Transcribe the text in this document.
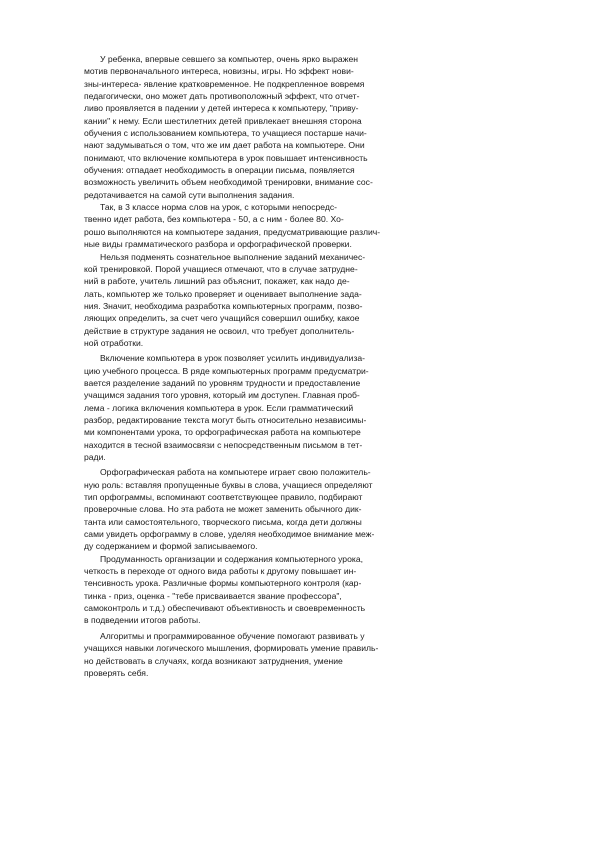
У ребенка, впервые севшего за компьютер, очень ярко выражен
мотив первоначального интереса, новизны, игры. Но эффект нови-
зны-интереса- явление кратковременное. Не подкрепленное вовремя
педагогически, оно может дать противоположный эффект, что отчет-
ливо проявляется в падении у детей интереса к компьютеру, "приву-
кании" к нему. Если шестилетних детей привлекает внешняя сторона
обучения с использованием компьютера, то учащиеся постарше начи-
нают задумываться о том, что же им дает работа на компьютере. Они
понимают, что включение компьютера в урок повышает интенсивность
обучения: отпадает необходимость в операции письма, появляется
возможность увеличить объем необходимой тренировки, внимание сос-
редотачивается на самой сути выполнения задания.
Так, в 3 классе норма слов на урок, с которыми непосредс-
твенно идет работа, без компьютера - 50, а с ним - более 80. Хо-
рошо выполняются на компьютере задания, предусматривающие различ-
ные виды грамматического разбора и орфографической проверки.
Нельзя подменять сознательное выполнение заданий механичес-
кой тренировкой. Порой учащиеся отмечают, что в случае затрудне-
ний в работе, учитель лишний раз объяснит, покажет, как надо де-
лать, компьютер же только проверяет и оценивает выполнение зада-
ния. Значит, необходима разработка компьютерных программ, позво-
ляющих определить, за счет чего учащийся совершил ошибку, какое
действие в структуре задания не освоил, что требует дополнитель-
ной отработки.
Включение компьютера в урок позволяет усилить индивидуализа-
цию учебного процесса. В ряде компьютерных программ предусматри-
вается разделение заданий по уровням трудности и предоставление
учащимся задания того уровня, который им доступен. Главная проб-
лема - логика включения компьютера в урок. Если грамматический
разбор, редактирование текста могут быть относительно независимы-
ми компонентами урока, то орфографическая работа на компьютере
находится в тесной взаимосвязи с непосредственным письмом в тет-
ради.
Орфографическая работа на компьютере играет свою положитель-
ную роль: вставляя пропущенные буквы в слова, учащиеся определяют
тип орфограммы, вспоминают соответствующее правило, подбирают
проверочные слова. Но эта работа не может заменить обычного дик-
танта или самостоятельного, творческого письма, когда дети должны
сами увидеть орфограмму в слове, уделяя необходимое внимание меж-
ду содержанием и формой записываемого.
Продуманность организации и содержания компьютерного урока,
четкость в переходе от одного вида работы к другому повышает ин-
тенсивность урока. Различные формы компьютерного контроля (кар-
тинка - приз, оценка - "тебе присваивается звание профессора",
самоконтроль и т.д.) обеспечивают объективность и своевременность
в подведении итогов работы.
Алгоритмы и программированное обучение помогают развивать у
учащихся навыки логического мышления, формировать умение правиль-
но действовать в случаях, когда возникают затруднения, умение
проверять себя.
